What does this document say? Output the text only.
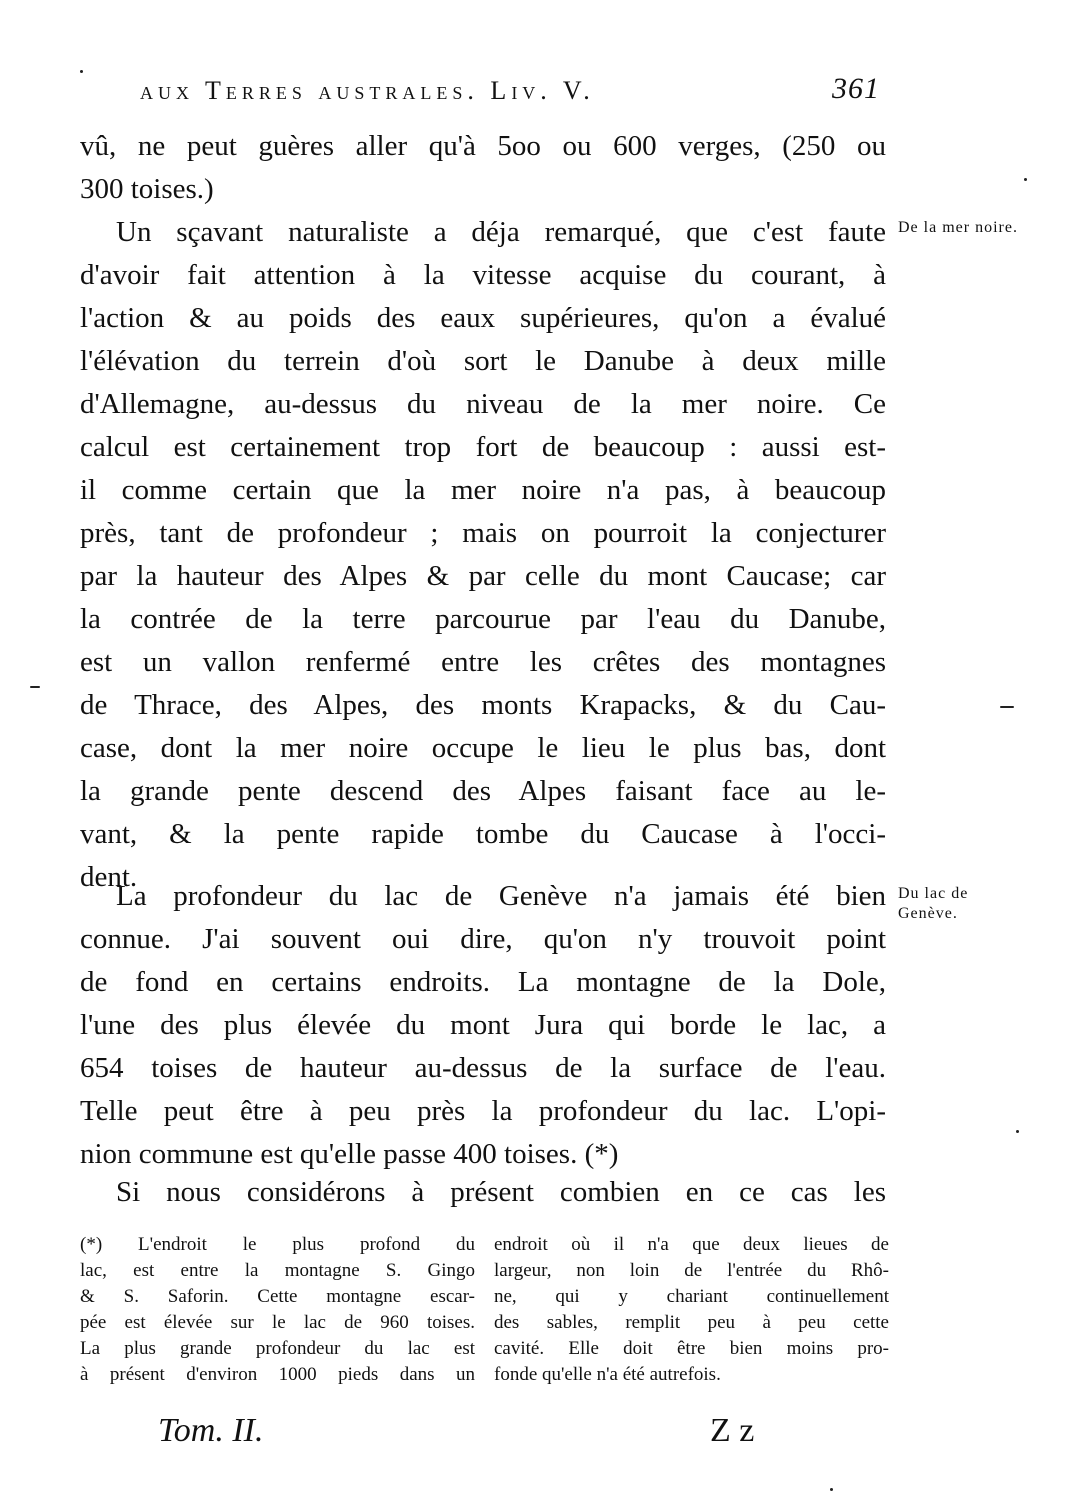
aux Terres australes. Liv. V.	361
vû, ne peut guères aller qu'à 5oo ou 600 verges, (250 ou
300 toises.)
Un sçavant naturaliste a déja remarqué, que c'est faute
d'avoir fait attention à la vitesse acquise du courant, à
l'action & au poids des eaux supérieures, qu'on a évalué
l'élévation du terrein d'où sort le Danube à deux mille
d'Allemagne, au-dessus du niveau de la mer noire. Ce
calcul est certainement trop fort de beaucoup : aussi est-
il comme certain que la mer noire n'a pas, à beaucoup
près, tant de profondeur ; mais on pourroit la conjecturer
par la hauteur des Alpes & par celle du mont Caucase; car
la contrée de la terre parcourue par l'eau du Danube,
est un vallon renfermé entre les crêtes des montagnes
de Thrace, des Alpes, des monts Krapacks, & du Cau-
case, dont la mer noire occupe le lieu le plus bas, dont
la grande pente descend des Alpes faisant face au le-
vant, & la pente rapide tombe du Caucase à l'occi-
dent.
La profondeur du lac de Genève n'a jamais été bien
connue. J'ai souvent oui dire, qu'on n'y trouvoit point
de fond en certains endroits. La montagne de la Dole,
l'une des plus élevée du mont Jura qui borde le lac, a
654 toises de hauteur au-dessus de la surface de l'eau.
Telle peut être à peu près la profondeur du lac. L'opi-
nion commune est qu'elle passe 400 toises. (*)
Si nous considérons à présent combien en ce cas les
De la mer noire.
Du lac de Genève.
(*) L'endroit le plus profond du
lac, est entre la montagne S. Gingo
& S. Saforin. Cette montagne escar-
pée est élevée sur le lac de 960 toises.
La plus grande profondeur du lac est
à présent d'environ 1000 pieds dans un
endroit où il n'a que deux lieues de
largeur, non loin de l'entrée du Rhô-
ne, qui y chariant continuellement
des sables, remplit peu à peu cette
cavité. Elle doit être bien moins pro-
fonde qu'elle n'a été autrefois.
Tom. II.	Z z
